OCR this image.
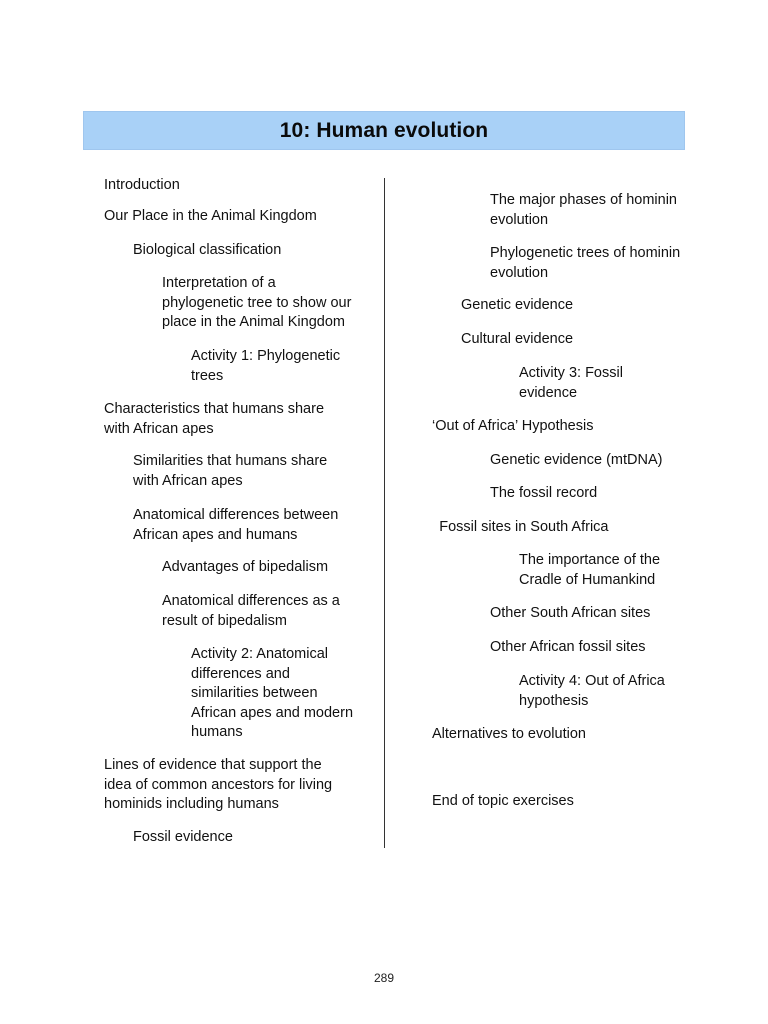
10: Human evolution
Introduction
Our Place in the Animal Kingdom
Biological classification
Interpretation of a
phylogenetic tree to show our
place in the Animal Kingdom
Activity 1: Phylogenetic
trees
Characteristics that humans share
with African apes
Similarities that humans share
with African apes
Anatomical differences between
African apes and humans
Advantages of bipedalism
Anatomical differences as a
result of bipedalism
Activity 2: Anatomical
differences and
similarities between
African apes and modern
humans
Lines of evidence that support the
idea of common ancestors for living
hominids including humans
Fossil evidence
The major phases of hominin
evolution
Phylogenetic trees of hominin
evolution
Genetic evidence
Cultural evidence
Activity 3: Fossil
evidence
‘Out of Africa’ Hypothesis
Genetic evidence (mtDNA)
The fossil record
Fossil sites in South Africa
The importance of the
Cradle of Humankind
Other South African sites
Other African fossil sites
Activity 4: Out of Africa
hypothesis
Alternatives to evolution
End of topic exercises
289
